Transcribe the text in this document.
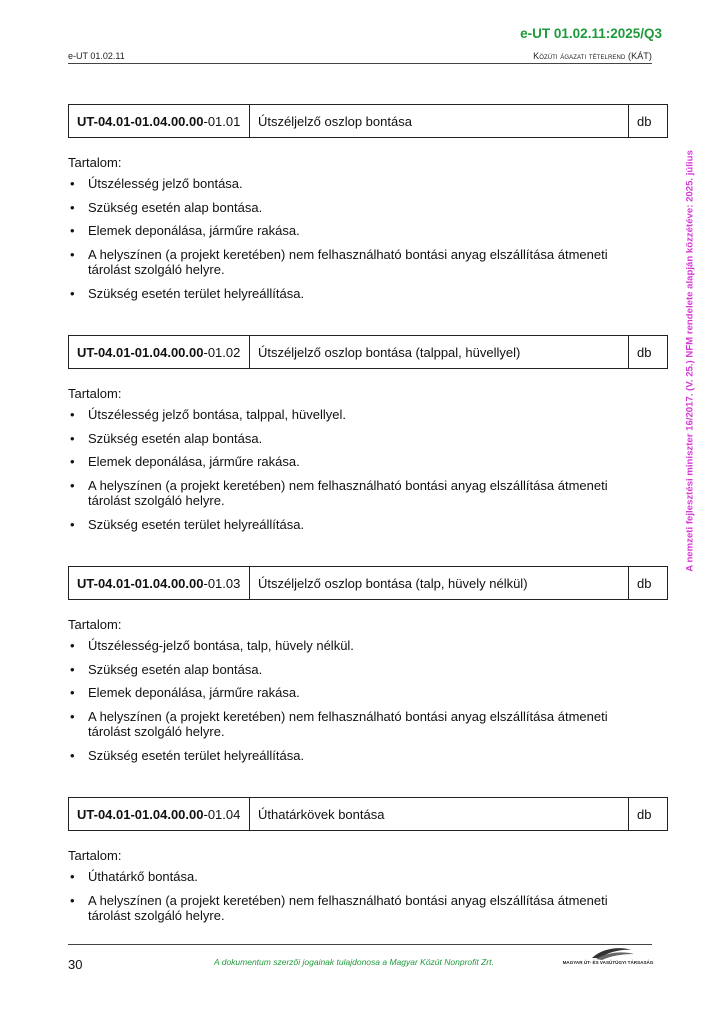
e-UT 01.02.11:2025/Q3
e-UT 01.02.11	Közúti ágazati tételrend (KÁT)
A nemzeti fejlesztési miniszter 16/2017. (V. 25.) NFM rendelete alapján közzétéve: 2025. július
UT-04.01-01.04.00.00 -01.01	Útszéljelző oszlop bontása	db
Tartalom:
• Útszélesség jelző bontása.
• Szükség esetén alap bontása.
• Elemek deponálása, járműre rakása.
• A helyszínen (a projekt keretében) nem felhasználható bontási anyag elszállítása átmeneti tárolást szolgáló helyre.
• Szükség esetén terület helyreállítása.
UT-04.01-01.04.00.00 -01.02	Útszéljelző oszlop bontása (talppal, hüvellyel)	db
Tartalom:
• Útszélesség jelző bontása, talppal, hüvellyel.
• Szükség esetén alap bontása.
• Elemek deponálása, járműre rakása.
• A helyszínen (a projekt keretében) nem felhasználható bontási anyag elszállítása átmeneti tárolást szolgáló helyre.
• Szükség esetén terület helyreállítása.
UT-04.01-01.04.00.00 -01.03	Útszéljelző oszlop bontása (talp, hüvely nélkül)	db
Tartalom:
• Útszélesség-jelző bontása, talp, hüvely nélkül.
• Szükség esetén alap bontása.
• Elemek deponálása, járműre rakása.
• A helyszínen (a projekt keretében) nem felhasználható bontási anyag elszállítása átmeneti tárolást szolgáló helyre.
• Szükség esetén terület helyreállítása.
UT-04.01-01.04.00.00 -01.04	Úthatárkövek bontása	db
Tartalom:
• Úthatárkő bontása.
• A helyszínen (a projekt keretében) nem felhasználható bontási anyag elszállítása átmeneti tárolást szolgáló helyre.
30	A dokumentum szerzői jogainak tulajdonosa a Magyar Közút Nonprofit Zrt.	MAGYAR ÚT- ÉS VASÚTÜGYI TÁRSASÁG
